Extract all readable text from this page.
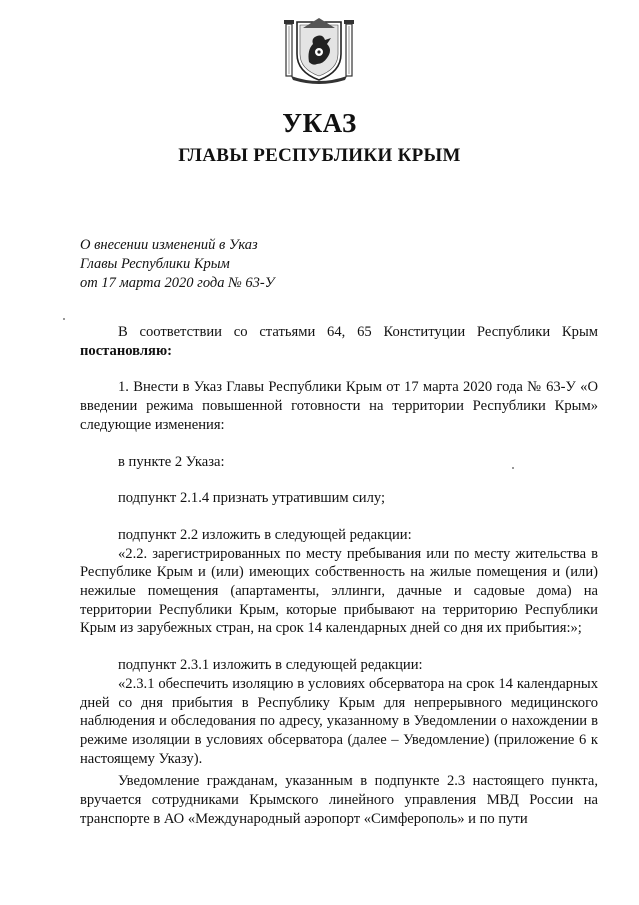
УКАЗ
ГЛАВЫ РЕСПУБЛИКИ КРЫМ
О внесении изменений в Указ
Главы Республики Крым
от 17 марта 2020 года № 63-У

В соответствии со статьями 64, 65 Конституции Республики Крым постановляю:

1. Внести в Указ Главы Республики Крым от 17 марта 2020 года № 63-У «О введении режима повышенной готовности на территории Республики Крым» следующие изменения:

в пункте 2 Указа:

подпункт 2.1.4 признать утратившим силу;

подпункт 2.2 изложить в следующей редакции:

«2.2. зарегистрированных по месту пребывания или по месту жительства в Республике Крым и (или) имеющих собственность на жилые помещения и (или) нежилые помещения (апартаменты, эллинги, дачные и садовые дома) на территории Республики Крым, которые прибывают на территорию Республики Крым из зарубежных стран, на срок 14 календарных дней со дня их прибытия:»;

подпункт 2.3.1 изложить в следующей редакции:

«2.3.1 обеспечить изоляцию в условиях обсерватора на срок 14 календарных дней со дня прибытия в Республику Крым для непрерывного медицинского наблюдения и обследования по адресу, указанному в Уведомлении о нахождении в режиме изоляции в условиях обсерватора (далее – Уведомление) (приложение 6 к настоящему Указу).

Уведомление гражданам, указанным в подпункте 2.3 настоящего пункта, вручается сотрудниками Крымского линейного управления МВД России на транспорте в АО «Международный аэропорт «Симферополь» и по пути
